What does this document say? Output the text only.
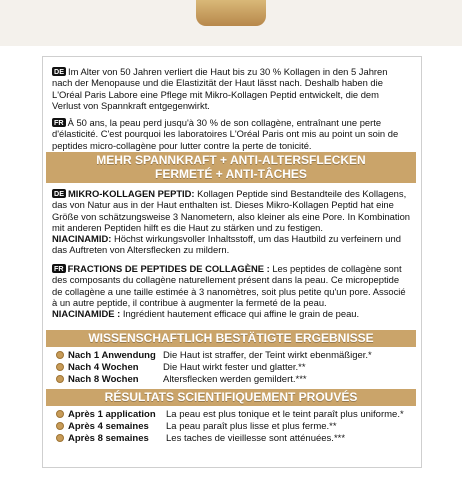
DE Im Alter von 50 Jahren verliert die Haut bis zu 30 % Kollagen in den 5 Jahren nach der Menopause und die Elastizität der Haut lässt nach. Deshalb haben die L'Oréal Paris Labore eine Pflege mit Mikro-Kollagen Peptid entwickelt, die dem Verlust von Spannkraft entgegenwirkt.
FR À 50 ans, la peau perd jusqu'à 30 % de son collagène, entraînant une perte d'élasticité. C'est pourquoi les laboratoires L'Oréal Paris ont mis au point un soin de peptides micro-collagène pour lutter contre la perte de tonicité.
MEHR SPANNKRAFT + ANTI-ALTERSFLECKEN
FERMETÉ + ANTI-TÂCHES
DE MIKRO-KOLLAGEN PEPTID: Kollagen Peptide sind Bestandteile des Kollagens, das von Natur aus in der Haut enthalten ist. Dieses Mikro-Kollagen Peptid hat eine Größe von schätzungsweise 3 Nanometern, also kleiner als eine Pore. In Kombination mit anderen Peptiden hilft es die Haut zu stärken und zu festigen.
NIACINAMID: Höchst wirkungsvoller Inhaltsstoff, um das Hautbild zu verfeinern und das Auftreten von Altersflecken zu mildern.
FR FRACTIONS DE PEPTIDES DE COLLAGÈNE : Les peptides de collagène sont des composants du collagène naturellement présent dans la peau. Ce micropeptide de collagène a une taille estimée à 3 nanomètres, soit plus petite qu'un pore. Associé à un autre peptide, il contribue à augmenter la fermeté de la peau.
NIACINAMIDE : Ingrédient hautement efficace qui affine le grain de peau.
WISSENSCHAFTLICH BESTÄTIGTE ERGEBNISSE
Nach 1 Anwendung Die Haut ist straffer, der Teint wirkt ebenmäßiger.*
Nach 4 Wochen	Die Haut wirkt fester und glatter.**
Nach 8 Wochen	Altersflecken werden gemildert.***
RÉSULTATS SCIENTIFIQUEMENT PROUVÉS
Après 1 application La peau est plus tonique et le teint paraît plus uniforme.*
Après 4 semaines La peau paraît plus lisse et plus ferme.**
Après 8 semaines Les taches de vieillesse sont atténuées.***
